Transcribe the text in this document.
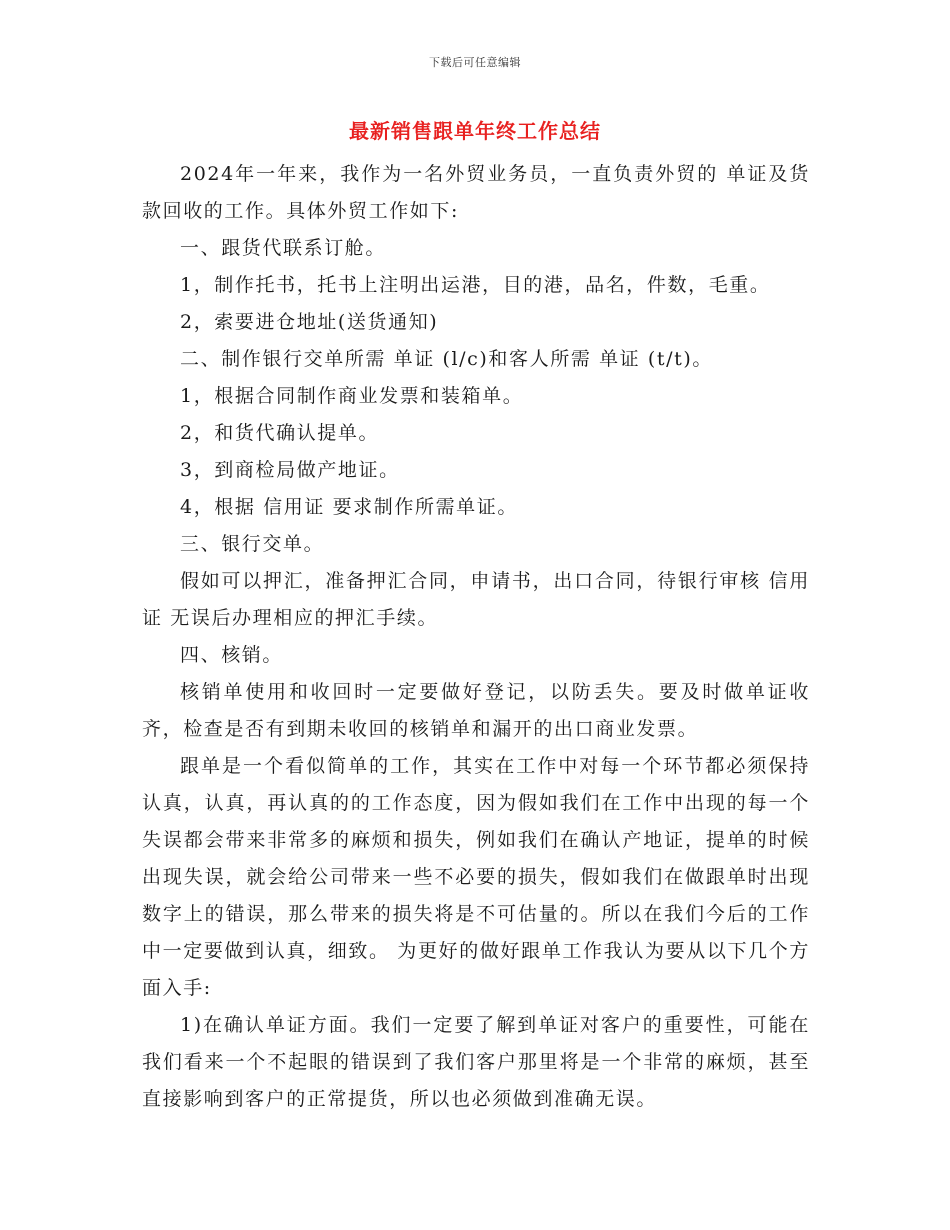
下载后可任意编辑
最新销售跟单年终工作总结

2024年一年来，我作为一名外贸业务员，一直负责外贸的 单证及货款回收的工作。具体外贸工作如下:

一、跟货代联系订舱。

1，制作托书，托书上注明出运港，目的港，品名，件数，毛重。

2，索要进仓地址(送货通知)

二、制作银行交单所需 单证 (l/c)和客人所需 单证 (t/t)。

1，根据合同制作商业发票和装箱单。

2，和货代确认提单。

3，到商检局做产地证。

4，根据 信用证 要求制作所需单证。

三、银行交单。

假如可以押汇，准备押汇合同，申请书，出口合同，待银行审核 信用证 无误后办理相应的押汇手续。

四、核销。

核销单使用和收回时一定要做好登记，以防丢失。要及时做单证收齐，检查是否有到期未收回的核销单和漏开的出口商业发票。

跟单是一个看似简单的工作，其实在工作中对每一个环节都必须保持认真，认真，再认真的的工作态度，因为假如我们在工作中出现的每一个失误都会带来非常多的麻烦和损失，例如我们在确认产地证，提单的时候出现失误，就会给公司带来一些不必要的损失，假如我们在做跟单时出现数字上的错误，那么带来的损失将是不可估量的。所以在我们今后的工作中一定要做到认真，细致。 为更好的做好跟单工作我认为要从以下几个方面入手:

1)在确认单证方面。我们一定要了解到单证对客户的重要性，可能在我们看来一个不起眼的错误到了我们客户那里将是一个非常的麻烦，甚至直接影响到客户的正常提货，所以也必须做到准确无误。
